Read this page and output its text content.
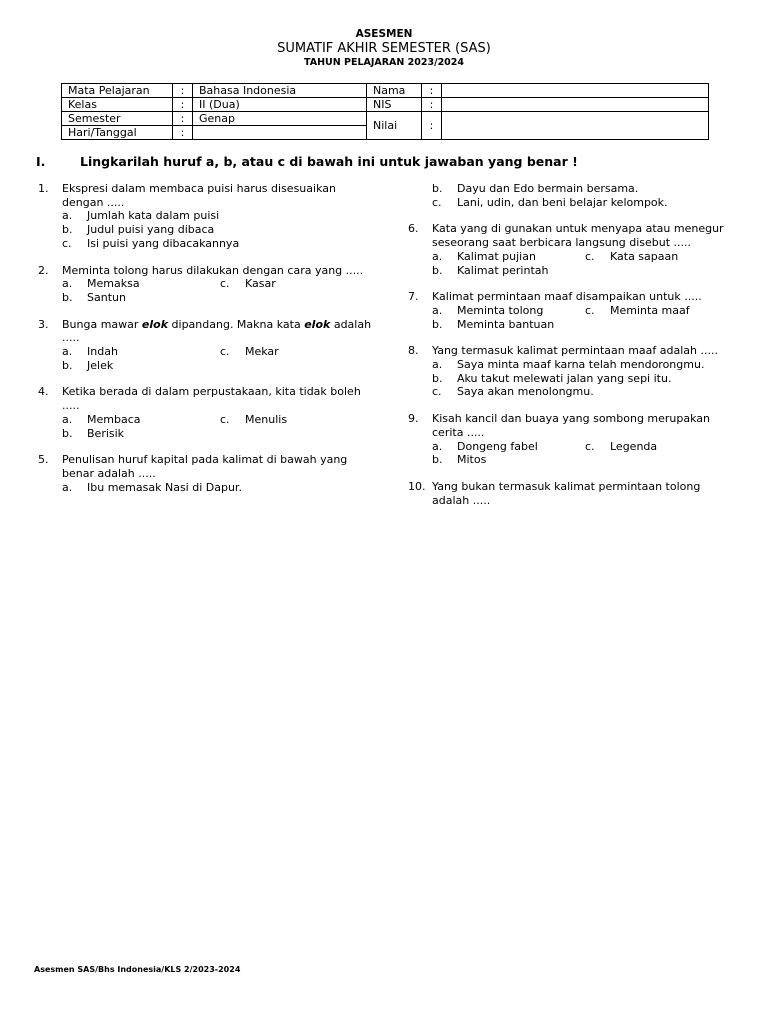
ASESMEN
SUMATIF AKHIR SEMESTER (SAS)
TAHUN PELAJARAN 2023/2024
Mata Pelajaran	:	Bahasa Indonesia	Nama	:	
Kelas	:	II (Dua)	NIS	:	
Semester	:	Genap	Nilai	:	
Hari/Tanggal	:				
I.	Lingkarilah huruf a, b, atau c di bawah ini untuk jawaban yang benar !
1.	Ekspresi dalam membaca puisi harus disesuaikan dengan .....
a.	Jumlah kata dalam puisi
b.	Judul puisi yang dibaca
c.	Isi puisi yang dibacakannya
2.	Meminta tolong harus dilakukan dengan cara yang .....
a.	Memaksa	c.	Kasar
b.	Santun
3.	Bunga mawar elok dipandang. Makna kata elok adalah .....
a.	Indah	c.	Mekar
b.	Jelek
4.	Ketika berada di dalam perpustakaan, kita tidak boleh .....
a.	Membaca	c.	Menulis
b.	Berisik
5.	Penulisan huruf kapital pada kalimat di bawah yang benar adalah .....
a.	Ibu memasak Nasi di Dapur.
b.	Dayu dan Edo bermain bersama.
c.	Lani, udin, dan beni belajar kelompok.
6.	Kata yang di gunakan untuk menyapa atau menegur seseorang saat berbicara langsung disebut .....
a.	Kalimat pujian	c.	Kata sapaan
b.	Kalimat perintah
7.	Kalimat permintaan maaf disampaikan untuk .....
a.	Meminta tolong	c.	Meminta maaf
b.	Meminta bantuan
8.	Yang termasuk kalimat permintaan maaf adalah .....
a.	Saya minta maaf karna telah mendorongmu.
b.	Aku takut melewati jalan yang sepi itu.
c.	Saya akan menolongmu.
9.	Kisah kancil dan buaya yang sombong merupakan cerita .....
a.	Dongeng fabel	c.	Legenda
b.	Mitos
10. Yang bukan termasuk kalimat permintaan tolong adalah .....
Asesmen SAS/Bhs Indonesia/KLS 2/2023-2024
